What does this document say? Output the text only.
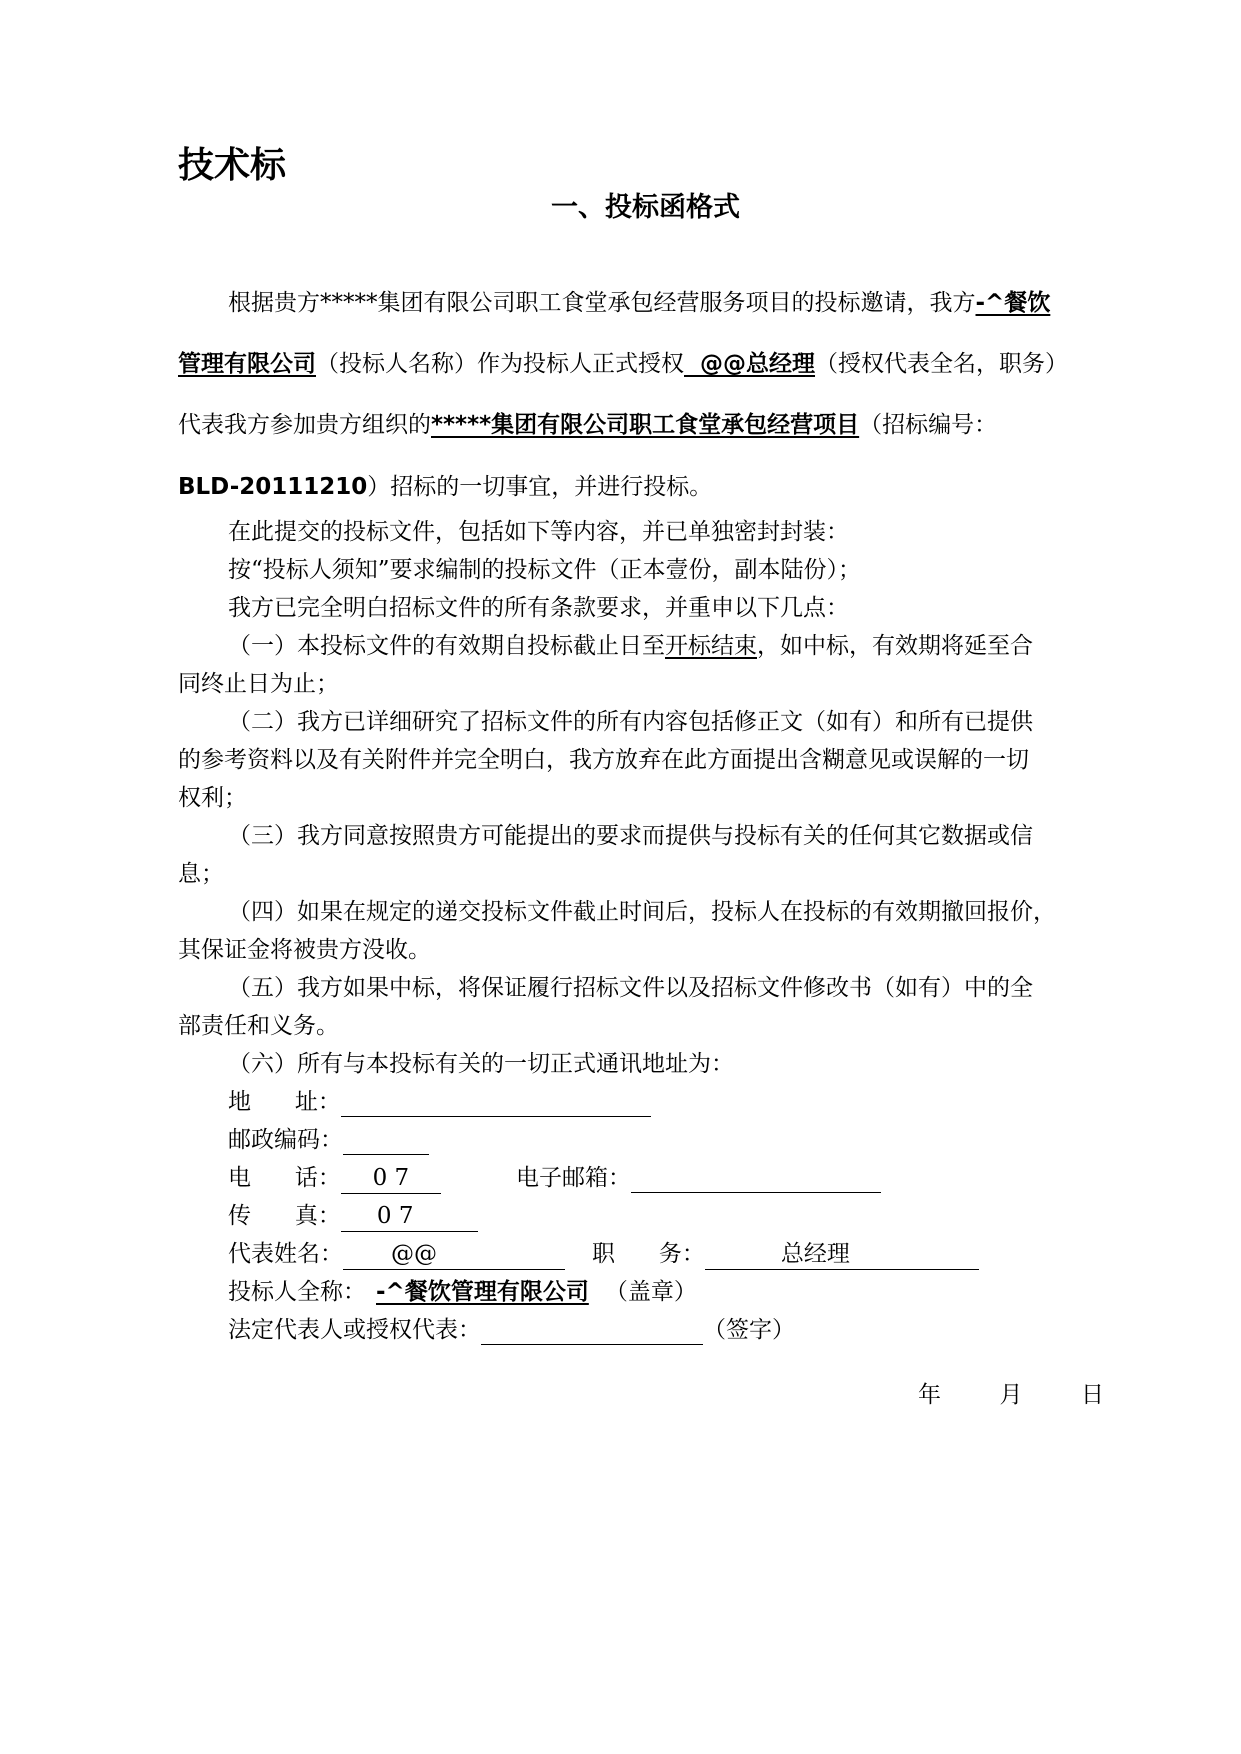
技术标
一、投标函格式
根据贵方*****集团有限公司职工食堂承包经营服务项目的投标邀请，我方-^餐饮
管理有限公司（投标人名称）作为投标人正式授权  @@总经理（授权代表全名，职务）
代表我方参加贵方组织的*****集团有限公司职工食堂承包经营项目（招标编号：
BLD-20111210）招标的一切事宜，并进行投标。
在此提交的投标文件，包括如下等内容，并已单独密封封装：
按“投标人须知”要求编制的投标文件（正本壹份，副本陆份）；
我方已完全明白招标文件的所有条款要求，并重申以下几点：
（一）本投标文件的有效期自投标截止日至开标结束，如中标，有效期将延至合
同终止日为止；
（二）我方已详细研究了招标文件的所有内容包括修正文（如有）和所有已提供
的参考资料以及有关附件并完全明白，我方放弃在此方面提出含糊意见或误解的一切
权利；
（三）我方同意按照贵方可能提出的要求而提供与投标有关的任何其它数据或信
息；
（四）如果在规定的递交投标文件截止时间后，投标人在投标的有效期撤回报价，
其保证金将被贵方没收。
（五）我方如果中标，将保证履行招标文件以及招标文件修改书（如有）中的全
部责任和义务。
（六）所有与本投标有关的一切正式通讯地址为：
地      址：
邮政编码：
电      话： 0 7	电子邮箱：
传      真： 0 7
代表姓名： @@	职      务：	总经理
投标人全称： -^餐饮管理有限公司 （盖章）
法定代表人或授权代表：	（签字）
年        月        日
